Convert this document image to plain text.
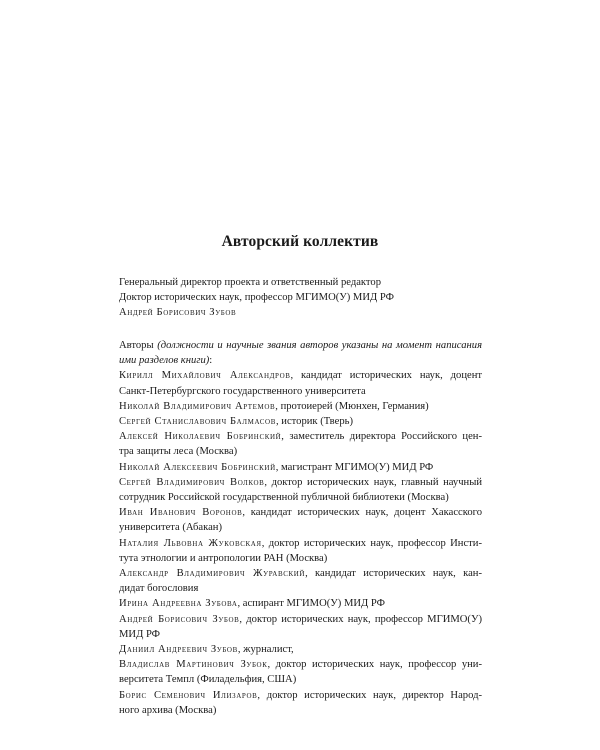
Авторский коллектив
Генеральный директор проекта и ответственный редактор
Доктор исторических наук, профессор МГИМО(У) МИД РФ
Андрей Борисович Зубов
Авторы (должности и научные звания авторов указаны на момент написания
ими разделов книги):
Кирилл Михайлович Александров, кандидат исторических наук, доцент
Санкт-Петербургского государственного университета
Николай Владимирович Артемов, протоиерей (Мюнхен, Германия)
Сергей Станиславович Балмасов, историк (Тверь)
Алексей Николаевич Бобринский, заместитель директора Российского цен-
тра защиты леса (Москва)
Николай Алексеевич Бобринский, магистрант МГИМО(У) МИД РФ
Сергей Владимирович Волков, доктор исторических наук, главный научный
сотрудник Российской государственной публичной библиотеки (Москва)
Иван Иванович Воронов, кандидат исторических наук, доцент Хакасского
университета (Абакан)
Наталия Львовна Жуковская, доктор исторических наук, профессор Инсти-
тута этнологии и антропологии РАН (Москва)
Александр Владимирович Журавский, кандидат исторических наук, кан-
дидат богословия
Ирина Андреевна Зубова, аспирант МГИМО(У) МИД РФ
Андрей Борисович Зубов, доктор исторических наук, профессор МГИМО(У)
МИД РФ
Даниил Андреевич Зубов, журналист,
Владислав Мартинович Зубок, доктор исторических наук, профессор уни-
верситета Темпл (Филадельфия, США)
Борис Семенович Илизаров, доктор исторических наук, директор Народ-
ного архива (Москва)
